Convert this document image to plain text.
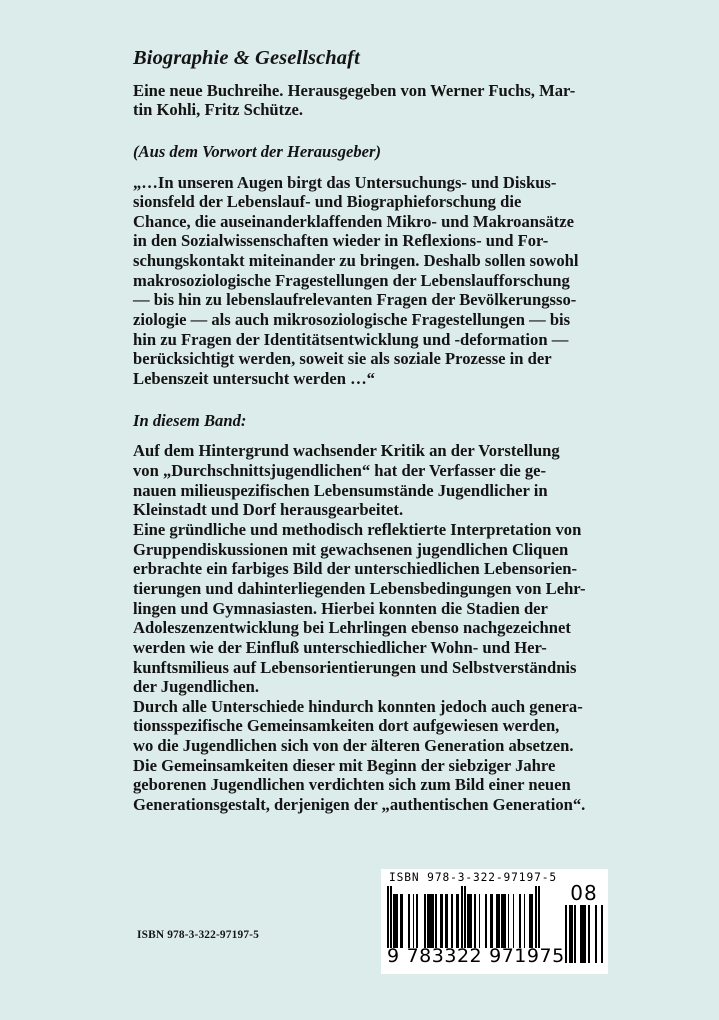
Biographie & Gesellschaft
Eine neue Buchreihe. Herausgegeben von Werner Fuchs, Mar-
tin Kohli, Fritz Schütze.
(Aus dem Vorwort der Herausgeber)
„…In unseren Augen birgt das Untersuchungs- und Diskus-
sionsfeld der Lebenslauf- und Biographieforschung die
Chance, die auseinanderklaffenden Mikro- und Makroansätze
in den Sozialwissenschaften wieder in Reflexions- und For-
schungskontakt miteinander zu bringen. Deshalb sollen sowohl
makrosoziologische Fragestellungen der Lebenslaufforschung
— bis hin zu lebenslaufrelevanten Fragen der Bevölkerungsso-
ziologie — als auch mikrosoziologische Fragestellungen — bis
hin zu Fragen der Identitätsentwicklung und -deformation —
berücksichtigt werden, soweit sie als soziale Prozesse in der
Lebenszeit untersucht werden …“
In diesem Band:
Auf dem Hintergrund wachsender Kritik an der Vorstellung
von „Durchschnittsjugendlichen“ hat der Verfasser die ge-
nauen milieuspezifischen Lebensumstände Jugendlicher in
Kleinstadt und Dorf herausgearbeitet.
Eine gründliche und methodisch reflektierte Interpretation von
Gruppendiskussionen mit gewachsenen jugendlichen Cliquen
erbrachte ein farbiges Bild der unterschiedlichen Lebensorien-
tierungen und dahinterliegenden Lebensbedingungen von Lehr-
lingen und Gymnasiasten. Hierbei konnten die Stadien der
Adoleszenzentwicklung bei Lehrlingen ebenso nachgezeichnet
werden wie der Einfluß unterschiedlicher Wohn- und Her-
kunftsmilieus auf Lebensorientierungen und Selbstverständnis
der Jugendlichen.
Durch alle Unterschiede hindurch konnten jedoch auch genera-
tionsspezifische Gemeinsamkeiten dort aufgewiesen werden,
wo die Jugendlichen sich von der älteren Generation absetzen.
Die Gemeinsamkeiten dieser mit Beginn der siebziger Jahre
geborenen Jugendlichen verdichten sich zum Bild einer neuen
Generationsgestalt, derjenigen der „authentischen Generation“.
ISBN 978-3-322-97197-5
ISBN 978-3-322-97197-5
9 783322 971975
08
